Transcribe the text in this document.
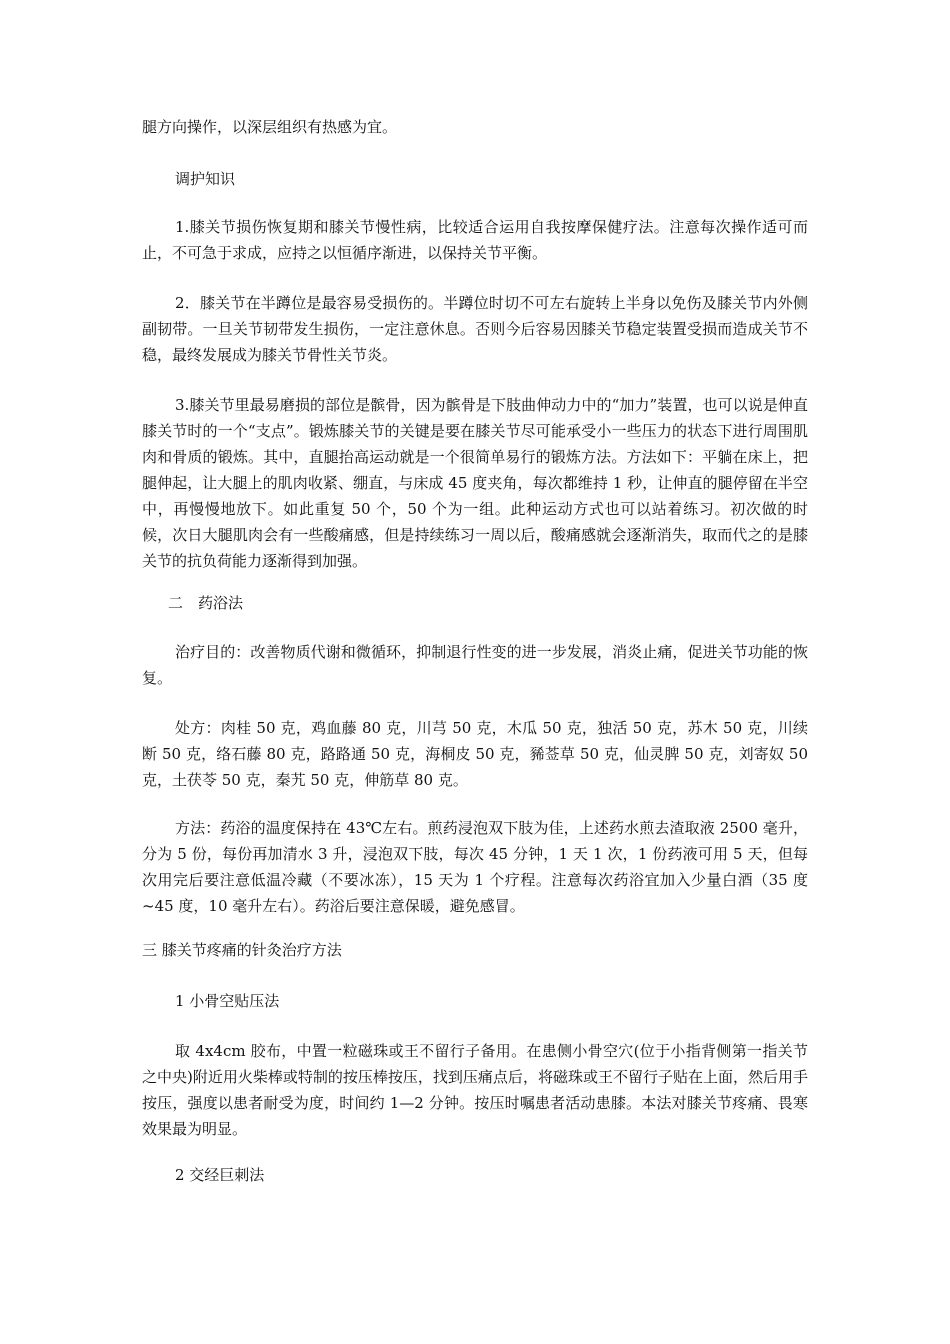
腿方向操作，以深层组织有热感为宜。

调护知识

1.膝关节损伤恢复期和膝关节慢性病，比较适合运用自我按摩保健疗法。注意每次操作适可而止，不可急于求成，应持之以恒循序渐进，以保持关节平衡。

2．膝关节在半蹲位是最容易受损伤的。半蹲位时切不可左右旋转上半身以免伤及膝关节内外侧副韧带。一旦关节韧带发生损伤，一定注意休息。否则今后容易因膝关节稳定装置受损而造成关节不稳，最终发展成为膝关节骨性关节炎。

3.膝关节里最易磨损的部位是髌骨，因为髌骨是下肢曲伸动力中的“加力”装置，也可以说是伸直膝关节时的一个“支点”。锻炼膝关节的关键是要在膝关节尽可能承受小一些压力的状态下进行周围肌肉和骨质的锻炼。其中，直腿抬高运动就是一个很简单易行的锻炼方法。方法如下：平躺在床上，把腿伸起，让大腿上的肌肉收紧、绷直，与床成 45 度夹角，每次都维持 1 秒，让伸直的腿停留在半空中，再慢慢地放下。如此重复 50 个，50 个为一组。此种运动方式也可以站着练习。初次做的时候，次日大腿肌肉会有一些酸痛感，但是持续练习一周以后，酸痛感就会逐渐消失，取而代之的是膝关节的抗负荷能力逐渐得到加强。

二　药浴法

治疗目的：改善物质代谢和微循环，抑制退行性变的进一步发展，消炎止痛，促进关节功能的恢复。

处方：肉桂 50 克，鸡血藤 80 克，川芎 50 克，木瓜 50 克，独活 50 克，苏木 50 克，川续断 50 克，络石藤 80 克，路路通 50 克，海桐皮 50 克，豨莶草 50 克，仙灵脾 50 克，刘寄奴 50 克，土茯苓 50 克，秦艽 50 克，伸筋草 80 克。

方法：药浴的温度保持在 43℃左右。煎药浸泡双下肢为佳，上述药水煎去渣取液 2500 毫升，分为 5 份，每份再加清水 3 升，浸泡双下肢，每次 45 分钟，1 天 1 次，1 份药液可用 5 天，但每次用完后要注意低温冷藏（不要冰冻），15 天为 1 个疗程。注意每次药浴宜加入少量白酒（35 度~45 度，10 毫升左右）。药浴后要注意保暖，避免感冒。

三 膝关节疼痛的针灸治疗方法

1 小骨空贴压法

取 4x4cm 胶布，中置一粒磁珠或王不留行子备用。在患侧小骨空穴(位于小指背侧第一指关节之中央)附近用火柴棒或特制的按压棒按压，找到压痛点后，将磁珠或王不留行子贴在上面，然后用手按压，强度以患者耐受为度，时间约 1—2 分钟。按压时嘱患者活动患膝。本法对膝关节疼痛、畏寒效果最为明显。

2 交经巨刺法
